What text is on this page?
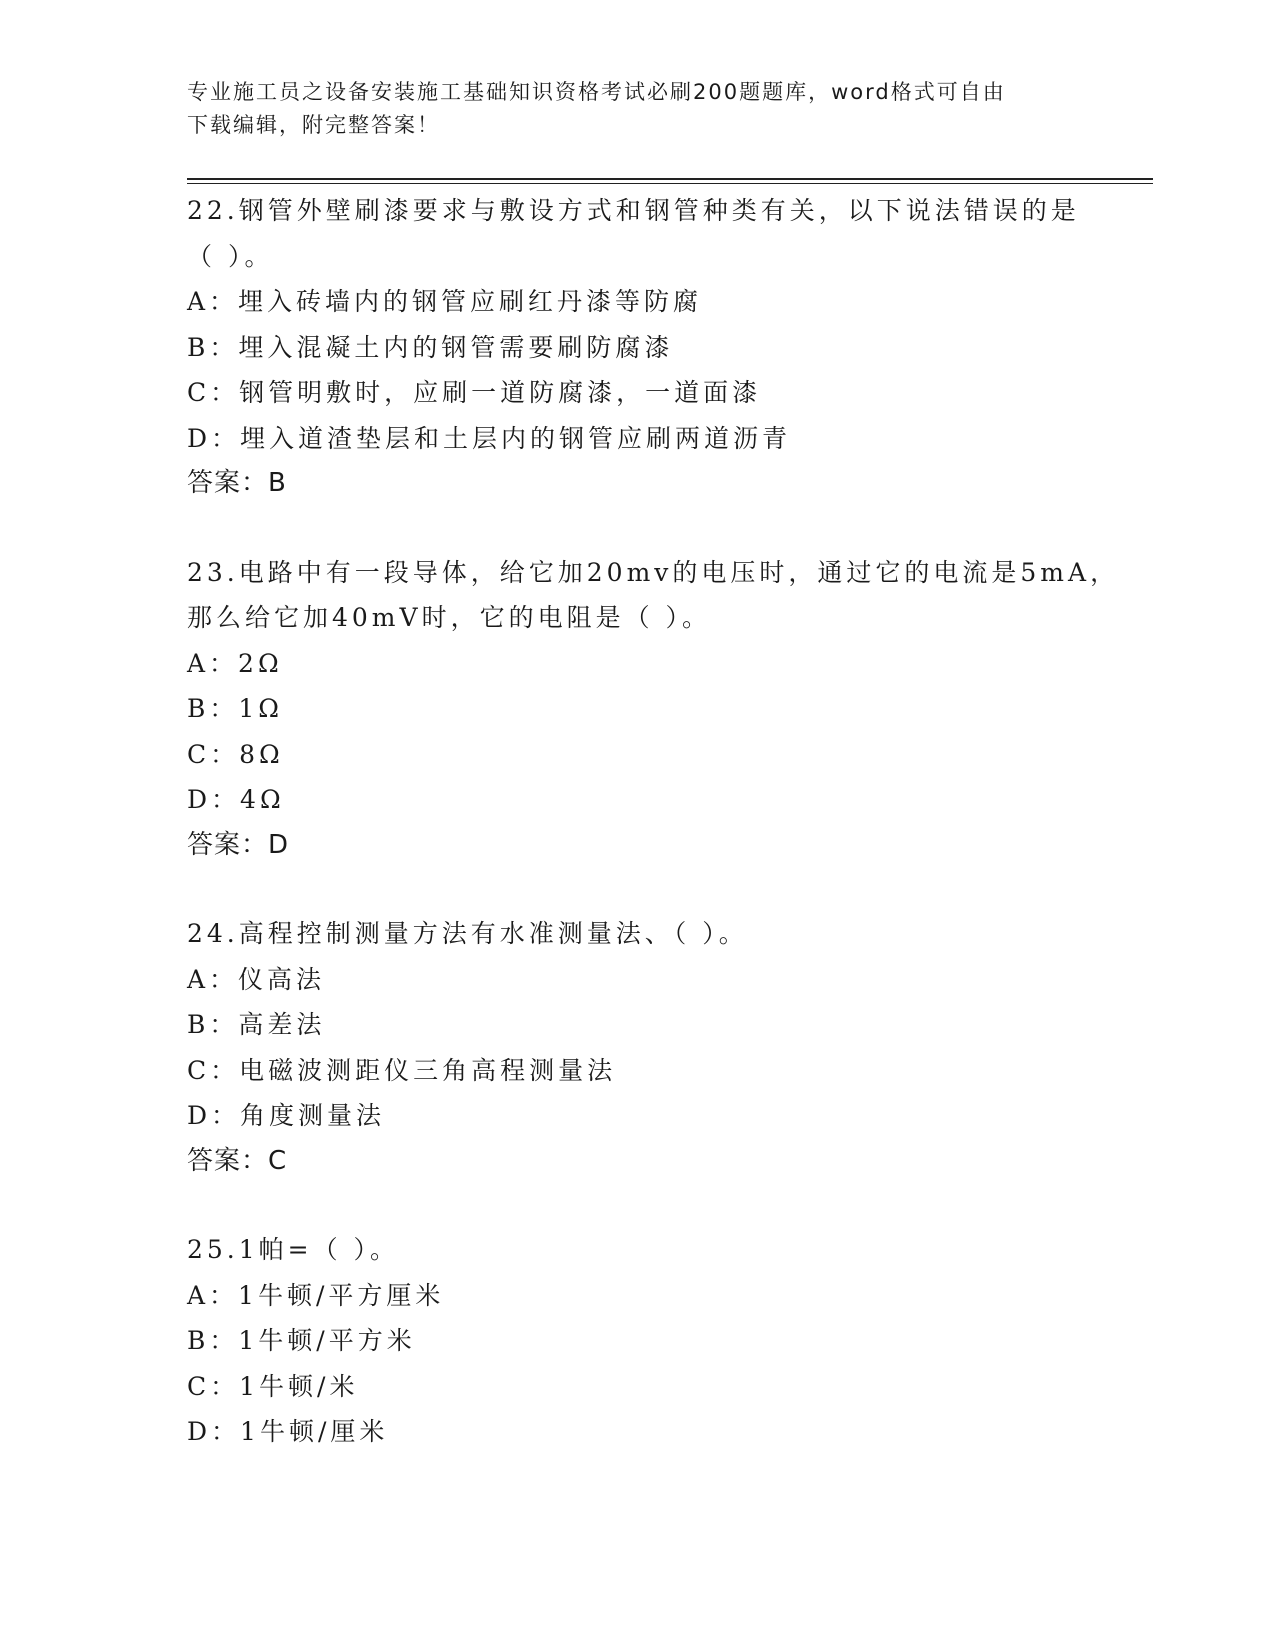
专业施工员之设备安装施工基础知识资格考试必刷200题题库，word格式可自由
下载编辑，附完整答案！
22.钢管外壁刷漆要求与敷设方式和钢管种类有关，以下说法错误的是
（ ）。
A：埋入砖墙内的钢管应刷红丹漆等防腐
B：埋入混凝土内的钢管需要刷防腐漆
C：钢管明敷时，应刷一道防腐漆，一道面漆
D：埋入道渣垫层和土层内的钢管应刷两道沥青
答案：B
23.电路中有一段导体，给它加20mv的电压时，通过它的电流是5mA，
那么给它加40mV时，它的电阻是（ ）。
A：2Ω
B：1Ω
C：8Ω
D：4Ω
答案：D
24.高程控制测量方法有水准测量法、（ ）。
A：仪高法
B：高差法
C：电磁波测距仪三角高程测量法
D：角度测量法
答案：C
25.1帕=（ ）。
A：1牛顿/平方厘米
B：1牛顿/平方米
C：1牛顿/米
D：1牛顿/厘米
